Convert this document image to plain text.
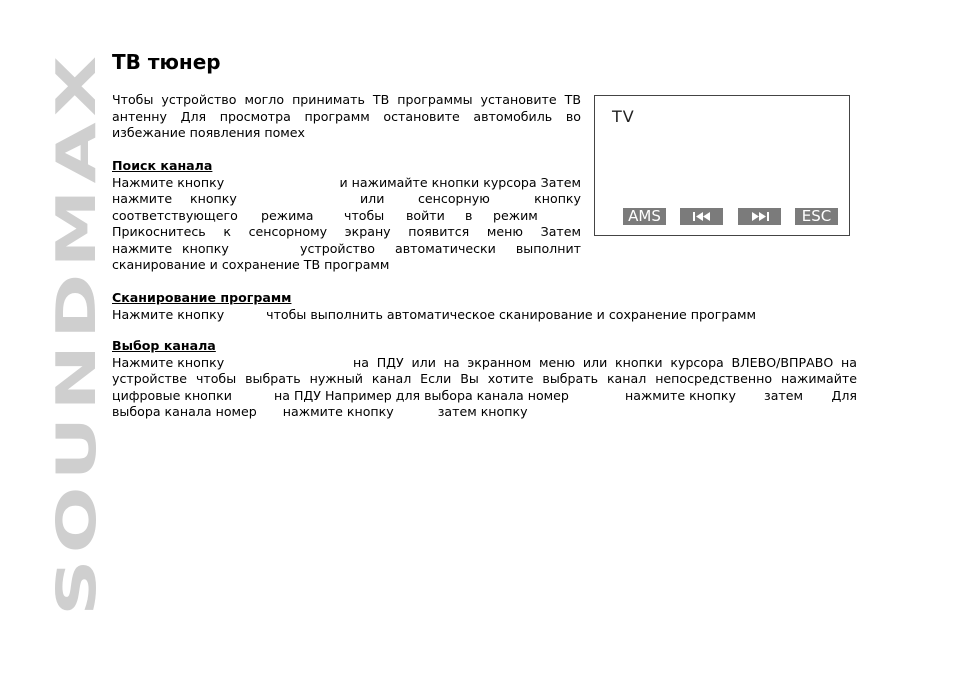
SOUNDMAX
ТВ тюнер
Чтобы устройство могло принимать ТВ программы установите ТВ
антенну Для просмотра программ остановите автомобиль во
избежание появления помех
Поиск канала
Нажмите кнопку	и нажимайте кнопки курсора Затем
нажмите	кнопку	или	сенсорную	кнопку
соответствующего	режима	чтобы	войти	в	режим
Прикоснитесь к сенсорному экрану появится меню Затем
нажмите кнопку	устройство автоматически выполнит
сканирование и сохранение ТВ программ
TV
AMS	ESC
Сканирование программ
Нажмите кнопку	чтобы выполнить автоматическое сканирование и сохранение программ
Выбор канала
Нажмите кнопку	на ПДУ или на экранном меню или кнопки курсора ВЛЕВО/ВПРАВО на
устройстве чтобы выбрать нужный канал Если Вы хотите выбрать канал непосредственно нажимайте
цифровые кнопки	на ПДУ Например для выбора канала номер	нажмите кнопку	затем	Для
выбора канала номер нажмите кнопку	затем кнопку
